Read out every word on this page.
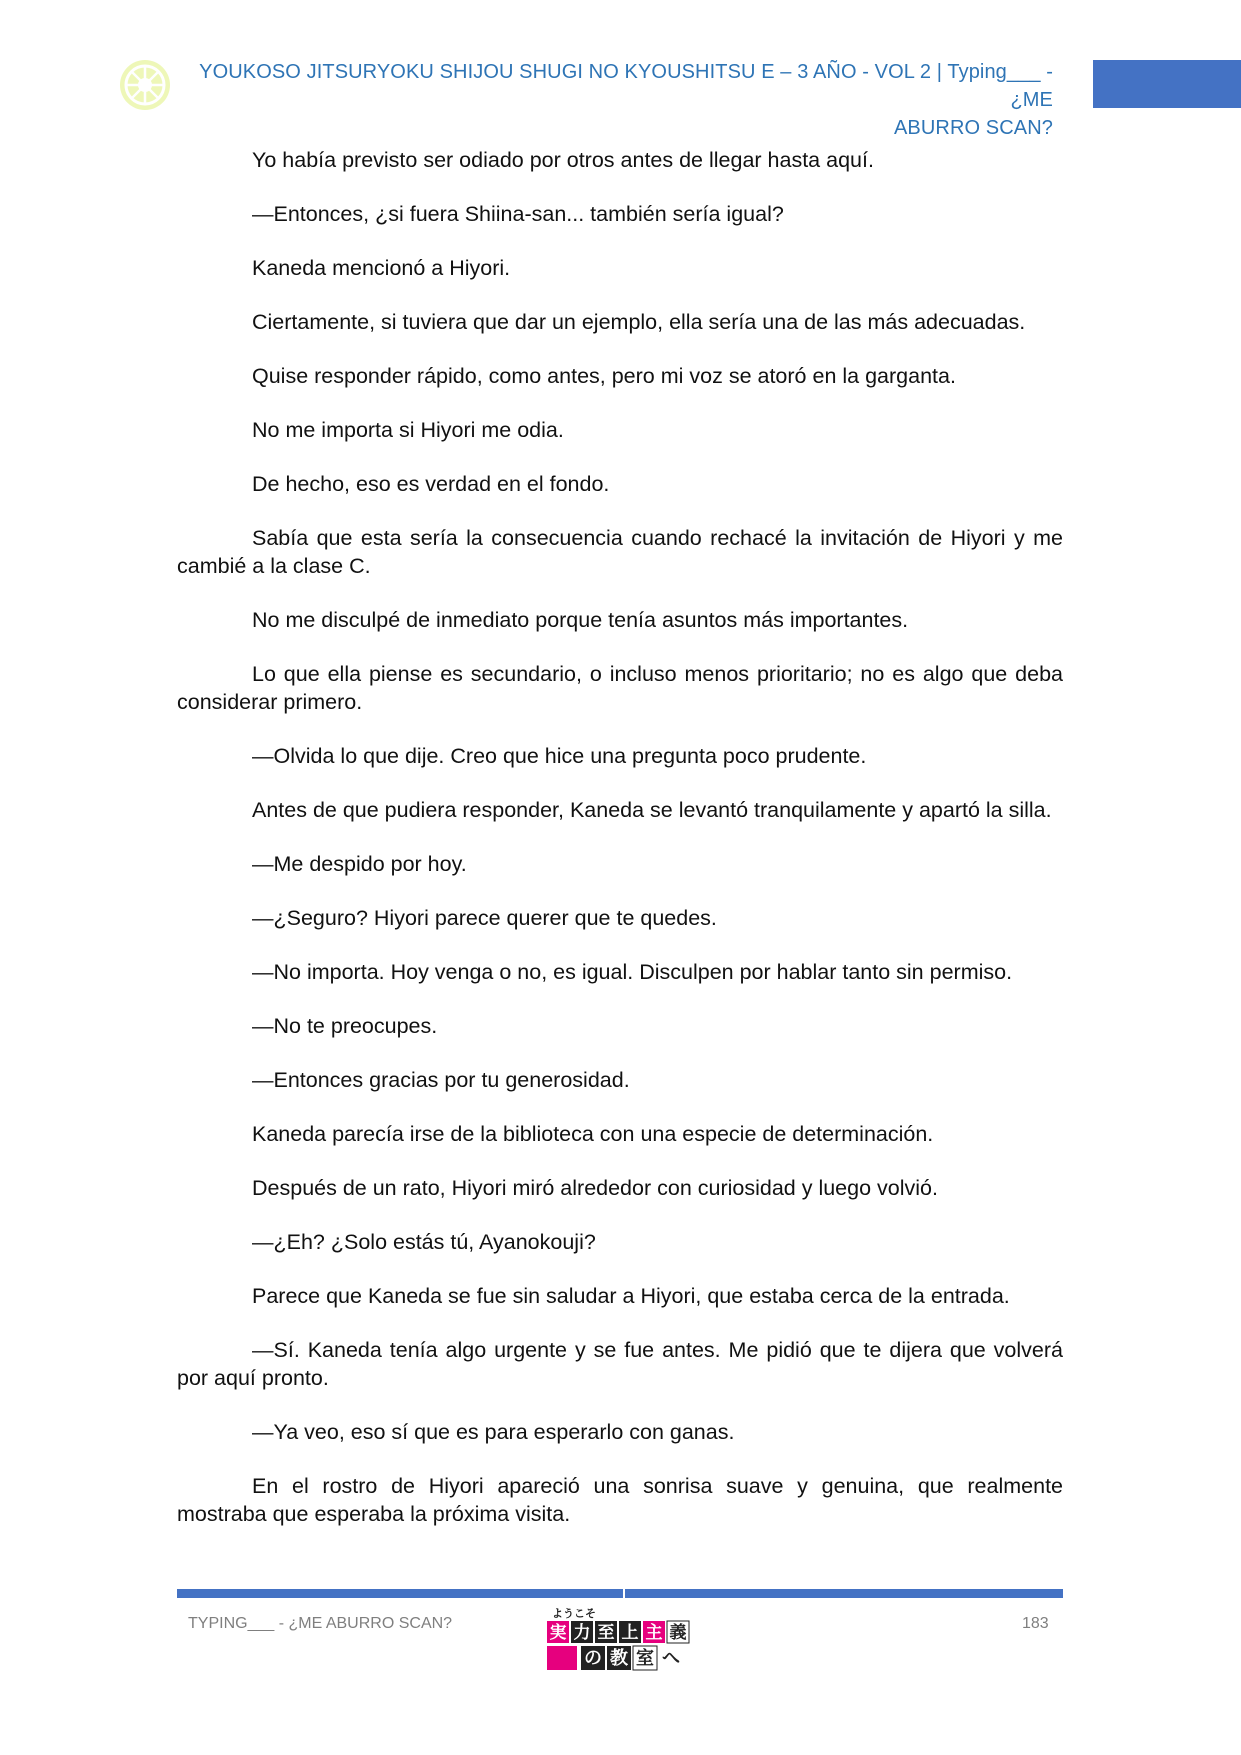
YOUKOSO JITSURYOKU SHIJOU SHUGI NO KYOUSHITSU E – 3 AÑO - VOL 2 | Typing___ - ¿ME
ABURRO SCAN?

Yo había previsto ser odiado por otros antes de llegar hasta aquí.

—Entonces, ¿si fuera Shiina-san... también sería igual?

Kaneda mencionó a Hiyori.

Ciertamente, si tuviera que dar un ejemplo, ella sería una de las más adecuadas.

Quise responder rápido, como antes, pero mi voz se atoró en la garganta.

No me importa si Hiyori me odia.

De hecho, eso es verdad en el fondo.

Sabía que esta sería la consecuencia cuando rechacé la invitación de Hiyori y me cambié a la clase C.

No me disculpé de inmediato porque tenía asuntos más importantes.

Lo que ella piense es secundario, o incluso menos prioritario; no es algo que deba considerar primero.

—Olvida lo que dije. Creo que hice una pregunta poco prudente.

Antes de que pudiera responder, Kaneda se levantó tranquilamente y apartó la silla.

—Me despido por hoy.

—¿Seguro? Hiyori parece querer que te quedes.

—No importa. Hoy venga o no, es igual. Disculpen por hablar tanto sin permiso.

—No te preocupes.

—Entonces gracias por tu generosidad.

Kaneda parecía irse de la biblioteca con una especie de determinación.

Después de un rato, Hiyori miró alrededor con curiosidad y luego volvió.

—¿Eh? ¿Solo estás tú, Ayanokouji?

Parece que Kaneda se fue sin saludar a Hiyori, que estaba cerca de la entrada.

—Sí. Kaneda tenía algo urgente y se fue antes. Me pidió que te dijera que volverá por aquí pronto.

—Ya veo, eso sí que es para esperarlo con ganas.

En el rostro de Hiyori apareció una sonrisa suave y genuina, que realmente mostraba que esperaba la próxima visita.

TYPING___ - ¿ME ABURRO SCAN?	183
ようこそ
実 力 至 上 主 義
の 教 室 へ
